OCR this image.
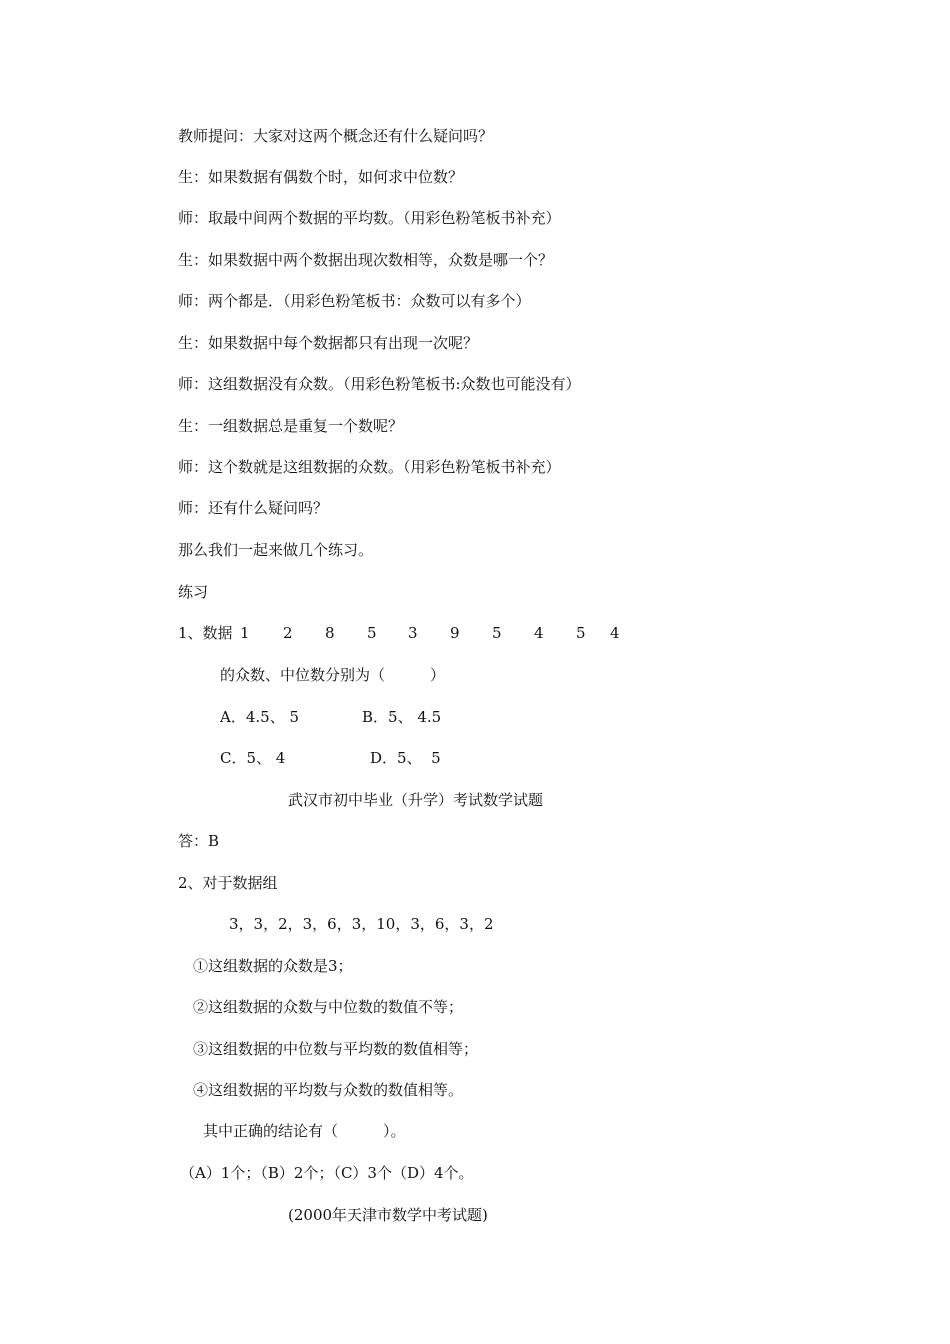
教师提问：大家对这两个概念还有什么疑问吗？
生：如果数据有偶数个时，如何求中位数？
师：取最中间两个数据的平均数。（用彩色粉笔板书补充）
生：如果数据中两个数据出现次数相等，众数是哪一个？
师：两个都是．（用彩色粉笔板书：众数可以有多个）
生：如果数据中每个数据都只有出现一次呢？
师：这组数据没有众数。（用彩色粉笔板书:众数也可能没有）
生：一组数据总是重复一个数呢？
师：这个数就是这组数据的众数。（用彩色粉笔板书补充）
师：还有什么疑问吗？
那么我们一起来做几个练习。
练习
1、数据 1 2 8 5 3 9 5 4 5 4
的众数、中位数分别为（　　　）
A．4.5、 5	B．5、 4.5
C．5、 4	D．5、  5
武汉市初中毕业（升学）考试数学试题
答：B
2、对于数据组
3，3，2，3，6，3，10，3，6，3，2
①这组数据的众数是3；
②这组数据的众数与中位数的数值不等；
③这组数据的中位数与平均数的数值相等；
④这组数据的平均数与众数的数值相等。
其中正确的结论有（　　　）。
（A）1个；（B）2个；（C）3个（D）4个。
(2000年天津市数学中考试题)
